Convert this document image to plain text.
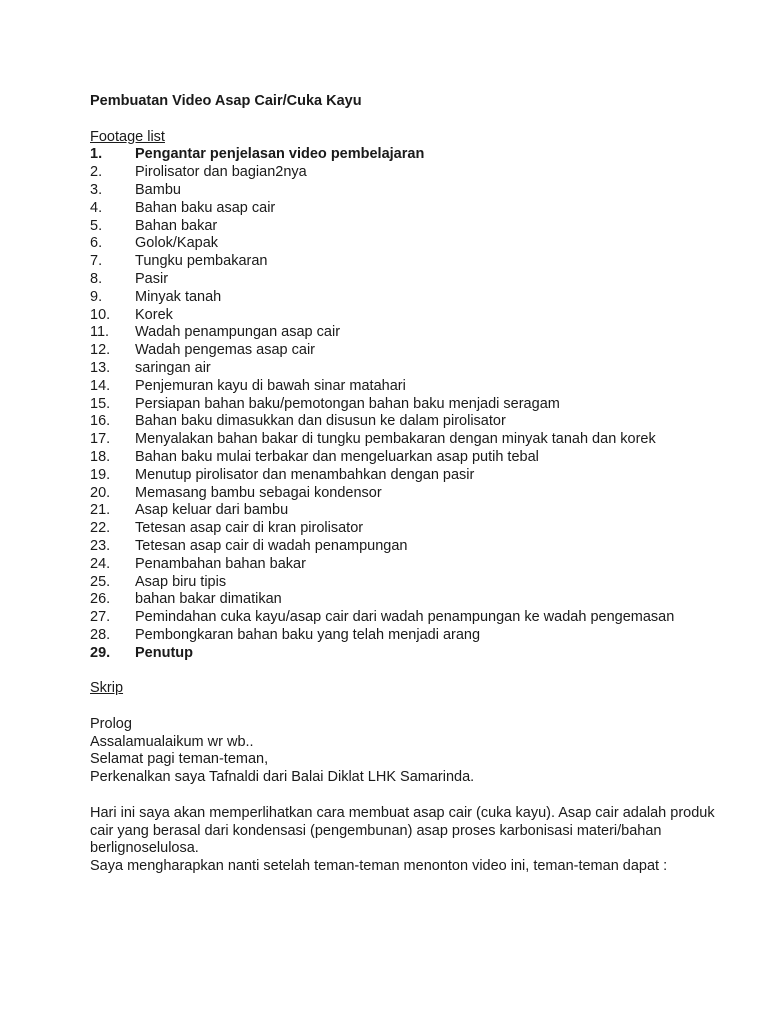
Pembuatan Video Asap Cair/Cuka Kayu

Footage list

1.	Pengantar penjelasan video pembelajaran
2.	Pirolisator dan bagian2nya
3.	Bambu
4.	Bahan baku asap cair
5.	Bahan bakar
6.	Golok/Kapak
7.	Tungku pembakaran
8.	Pasir
9.	Minyak tanah
10.	Korek
11.	Wadah penampungan asap cair
12.	Wadah pengemas asap cair
13.	saringan air
14.	Penjemuran kayu di bawah sinar matahari
15.	Persiapan bahan baku/pemotongan bahan baku menjadi seragam
16.	Bahan baku dimasukkan dan disusun ke dalam pirolisator
17.	Menyalakan bahan bakar di tungku pembakaran dengan minyak tanah dan korek
18.	Bahan baku mulai terbakar dan mengeluarkan asap putih tebal
19.	Menutup pirolisator dan menambahkan dengan pasir
20.	Memasang bambu sebagai kondensor
21.	Asap keluar dari bambu
22.	Tetesan asap cair di kran pirolisator
23.	Tetesan asap cair di wadah penampungan
24.	Penambahan bahan bakar
25.	Asap biru tipis
26.	bahan bakar dimatikan
27.	Pemindahan cuka kayu/asap cair dari wadah penampungan ke wadah pengemasan
28.	Pembongkaran bahan baku yang telah menjadi arang
29.	Penutup

Skrip

Prolog

Assalamualaikum wr wb..

Selamat pagi teman-teman,

Perkenalkan saya Tafnaldi dari Balai Diklat LHK Samarinda.

Hari ini saya akan memperlihatkan cara membuat asap cair (cuka kayu). Asap cair adalah produk cair yang berasal dari kondensasi (pengembunan) asap proses karbonisasi materi/bahan berlignoselulosa.

Saya mengharapkan nanti setelah teman-teman menonton video ini, teman-teman dapat :
